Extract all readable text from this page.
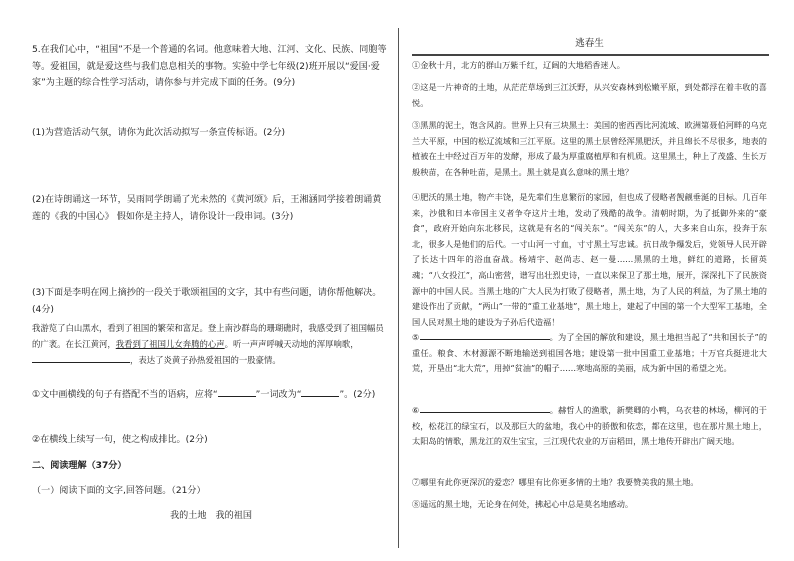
5.在我们心中，“祖国”不是一个普通的名词。他意味着大地、江河、文化、民族、同胞等等。爱祖国，就是爱这些与我们息息相关的事物。实验中学七年级(2)班开展以“爱国·爱家”为主题的综合性学习活动，请你参与并完成下面的任务。(9分)

(1)为营造活动气氛，请你为此次活动拟写一条宣传标语。(2分)

(2)在诗朗诵这一环节，吴雨同学朗诵了光未然的《黄河颂》后，王湘涵同学接着朗诵黄莲的《我的中国心》 假如你是主持人，请你设计一段串词。(3分)

(3)下面是李明在网上摘抄的一段关于歌颂祖国的文字，其中有些问题，请你帮他解决。(4分)

我游览了白山黑水，看到了祖国的繁荣和富足。登上南沙群岛的珊瑚礁时，我感受到了祖国幅员的广袤。在长江黄河，我看到了祖国儿女奔腾的心声。听一声声呼喊天动地的浑厚响歌，，表达了炎黄子孙热爱祖国的一股豪情。

①文中画横线的句子有搭配不当的语病，应将“	”一词改为“	”。(2分)

②在横线上续写一句，使之构成排比。(2分)

二、阅读理解（37分）

（一）阅读下面的文字,回答问题。（21分）

我的土地　我的祖国

逃春生

①金秋十月，北方的群山万紫千红，辽阔的大地稻香迷人。

②这是一片神奇的土地，从茫茫草场到三江沃野，从兴安森林到松嫩平原，到处都浮在着丰收的喜悦。

③黑黑的泥土，饱含风韵。世界上只有三块黑土：美国的密西西比河流域、欧洲第聂伯河畔的乌克兰大平原，中国的松辽流域和三江平原。这里的黑土层曾经浑黑肥沃，并且绵长不尽很多，地表的植被在土中经过百万年的发酵，形成了最为厚重腐植厚和有机质。这里黑土，种上了茂盛、生长万般秧苗，在各种吐苗，是黑土。黑土就是真么意味的黑土地？

④肥沃的黑土地，物产丰饶，是先辈们生息繁衍的家园，但也成了侵略者觊觎垂涎的目标。几百年来，沙俄和日本帝国主义者争夺这片土地，发动了残酷的战争。清朝时期，为了抵御外来的“豪食”，政府开始向东北移民，这就是有名的“闯关东”。“闯关东”的人，大多来自山东，投奔于东北，很多人是他们的后代。一寸山河一寸血，寸寸黑土写忠诚。抗日战争爆发后，党领导人民开辟了长达十四年的浴血奋战。杨靖宇、赵尚志、赵一曼……黑黑的土地，鲜红的道路，长留英魂；“八女投江”，高山密营，谱写出壮烈史诗，一直以来保卫了那土地，展开，深深扎下了民族资源中的中国人民。当黑土地的广大人民为打败了侵略者，黑土地，为了人民的利益，为了黑土地的建设作出了贡献，“两山”一带的“重工业基地”，黑土地上，建起了中国的第一个大型军工基地，全国人民对黑土地的建设为子孙后代造福！

⑤	。为了全国的解放和建设，黑土地担当起了“共和国长子”的重任。粮食、木材源源不断地输送到祖国各地；建设第一批中国重工业基地；十万官兵挺进北大荒，开垦出“北大荒”，用掉“贫油”的帽子……寒地高原的美丽，成为新中国的希望之光。

⑥	。赫哲人的渔歌，新樊卿的小鸭，乌衣巷的林场，柳河的于校，松花江的绿宝石，以及那巨大的盆地，我心中的骄傲和依恋，都在这里，也在那片黑土地上，太阳岛的情歌，黑龙江的双生宝宝，三江现代农业的万亩稻田，黑土地传开辟出广阔天地。

⑦哪里有此你更深沉的爱恋？哪里有比你更多情的土地？我要赞美我的黑土地。

⑧遥远的黑土地，无论身在何处，拂起心中总是莫名地感动。
